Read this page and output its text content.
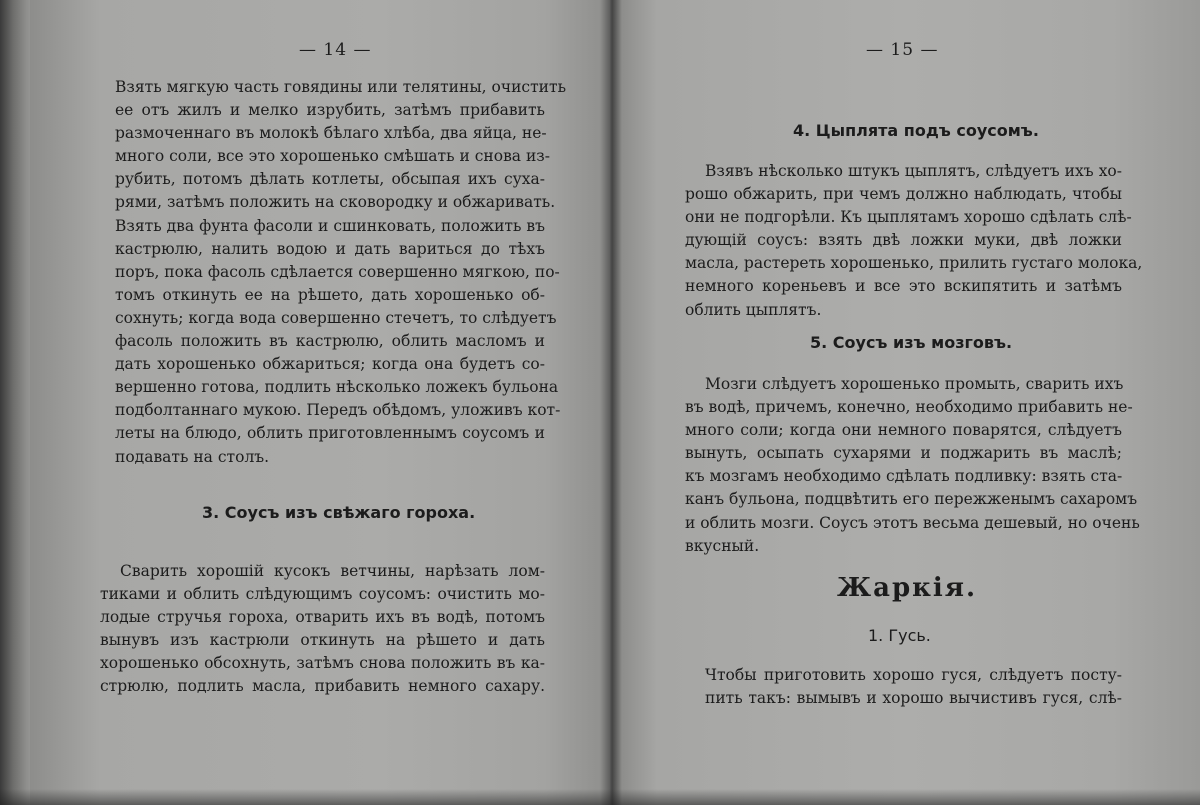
— 14 —
Взять мягкую часть говядины или телятины, очистить
ее отъ жилъ и мелко изрубить, затѣмъ прибавить
размоченнаго въ молокѣ бѣлаго хлѣба, два яйца, не-
много соли, все это хорошенько смѣшать и снова из-
рубить, потомъ дѣлать котлеты, обсыпая ихъ суха-
рями, затѣмъ положить на сковородку и обжаривать.
Взять два фунта фасоли и сшинковать, положить въ
кастрюлю, налить водою и дать вариться до тѣхъ
поръ, пока фасоль сдѣлается совершенно мягкою, по-
томъ откинуть ее на рѣшето, дать хорошенько об-
сохнуть; когда вода совершенно стечетъ, то слѣдуетъ
фасоль положить въ кастрюлю, облить масломъ и
дать хорошенько обжариться; когда она будетъ со-
вершенно готова, подлить нѣсколько ложекъ бульона
подболтаннаго мукою. Передъ обѣдомъ, уложивъ кот-
леты на блюдо, облить приготовленнымъ соусомъ и
подавать на столъ.
3. Соусъ изъ свѣжаго гороха.
Сварить хорошій кусокъ ветчины, нарѣзать лом-
тиками и облить слѣдующимъ соусомъ: очистить мо-
лодые стручья гороха, отварить ихъ въ водѣ, потомъ
вынувъ изъ кастрюли откинуть на рѣшето и дать
хорошенько обсохнуть, затѣмъ снова положить въ ка-
стрюлю, подлить масла, прибавить немного сахару.
— 15 —
4. Цыплята подъ соусомъ.
Взявъ нѣсколько штукъ цыплятъ, слѣдуетъ ихъ хо-
рошо обжарить, при чемъ должно наблюдать, чтобы
они не подгорѣли. Къ цыплятамъ хорошо сдѣлать слѣ-
дующій соусъ: взять двѣ ложки муки, двѣ ложки
масла, растереть хорошенько, прилить густаго молока,
немного кореньевъ и все это вскипятить и затѣмъ
облить цыплятъ.
5. Соусъ изъ мозговъ.
Мозги слѣдуетъ хорошенько промыть, сварить ихъ
въ водѣ, причемъ, конечно, необходимо прибавить не-
много соли; когда они немного поварятся, слѣдуетъ
вынуть, осыпать сухарями и поджарить въ маслѣ;
къ мозгамъ необходимо сдѣлать подливку: взять ста-
канъ бульона, подцвѣтить его пережженымъ сахаромъ
и облить мозги. Соусъ этотъ весьма дешевый, но очень
вкусный.
Жаркія.
1. Гусь.
Чтобы приготовить хорошо гуся, слѣдуетъ посту-
пить такъ: вымывъ и хорошо вычистивъ гуся, слѣ-
